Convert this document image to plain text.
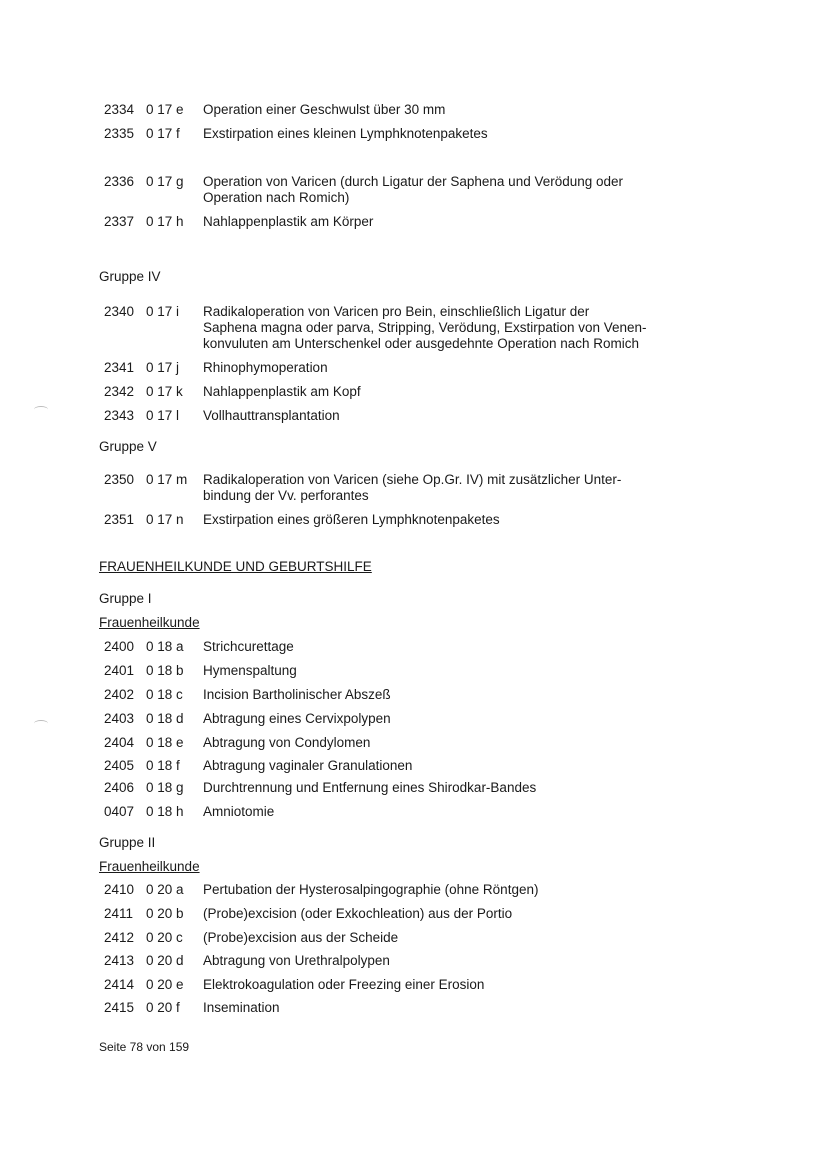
2334 0 17 e	Operation einer Geschwulst über 30 mm
2335 0 17 f	Exstirpation eines kleinen Lymphknotenpaketes
2336 0 17 g	Operation von Varicen (durch Ligatur der Saphena und Verödung oder
Operation nach Romich)
2337 0 17 h	Nahlappenplastik am Körper
Gruppe IV
2340 0 17 i	Radikaloperation von Varicen pro Bein, einschließlich Ligatur der
Saphena magna oder parva, Stripping, Verödung, Exstirpation von Venen-
konvuluten am Unterschenkel oder ausgedehnte Operation nach Romich
2341 0 17 j	Rhinophymoperation
2342 0 17 k	Nahlappenplastik am Kopf
2343 0 17 l	Vollhauttransplantation
Gruppe V
2350 0 17 m	Radikaloperation von Varicen (siehe Op.Gr. IV) mit zusätzlicher Unter-
bindung der Vv. perforantes
2351 0 17 n	Exstirpation eines größeren Lymphknotenpaketes
FRAUENHEILKUNDE UND GEBURTSHILFE
Gruppe I
Frauenheilkunde
2400 0 18 a	Strichcurettage
2401 0 18 b	Hymenspaltung
2402 0 18 c	Incision Bartholinischer Abszeß
2403 0 18 d	Abtragung eines Cervixpolypen
2404 0 18 e	Abtragung von Condylomen
2405 0 18 f	Abtragung vaginaler Granulationen
2406 0 18 g	Durchtrennung und Entfernung eines Shirodkar-Bandes
0407 0 18 h	Amniotomie
Gruppe II
Frauenheilkunde
2410 0 20 a	Pertubation der Hysterosalpingographie (ohne Röntgen)
2411 0 20 b	(Probe)excision (oder Exkochleation) aus der Portio
2412 0 20 c	(Probe)excision aus der Scheide
2413 0 20 d	Abtragung von Urethralpolypen
2414 0 20 e	Elektrokoagulation oder Freezing einer Erosion
2415 0 20 f	Insemination
Seite 78 von 159
